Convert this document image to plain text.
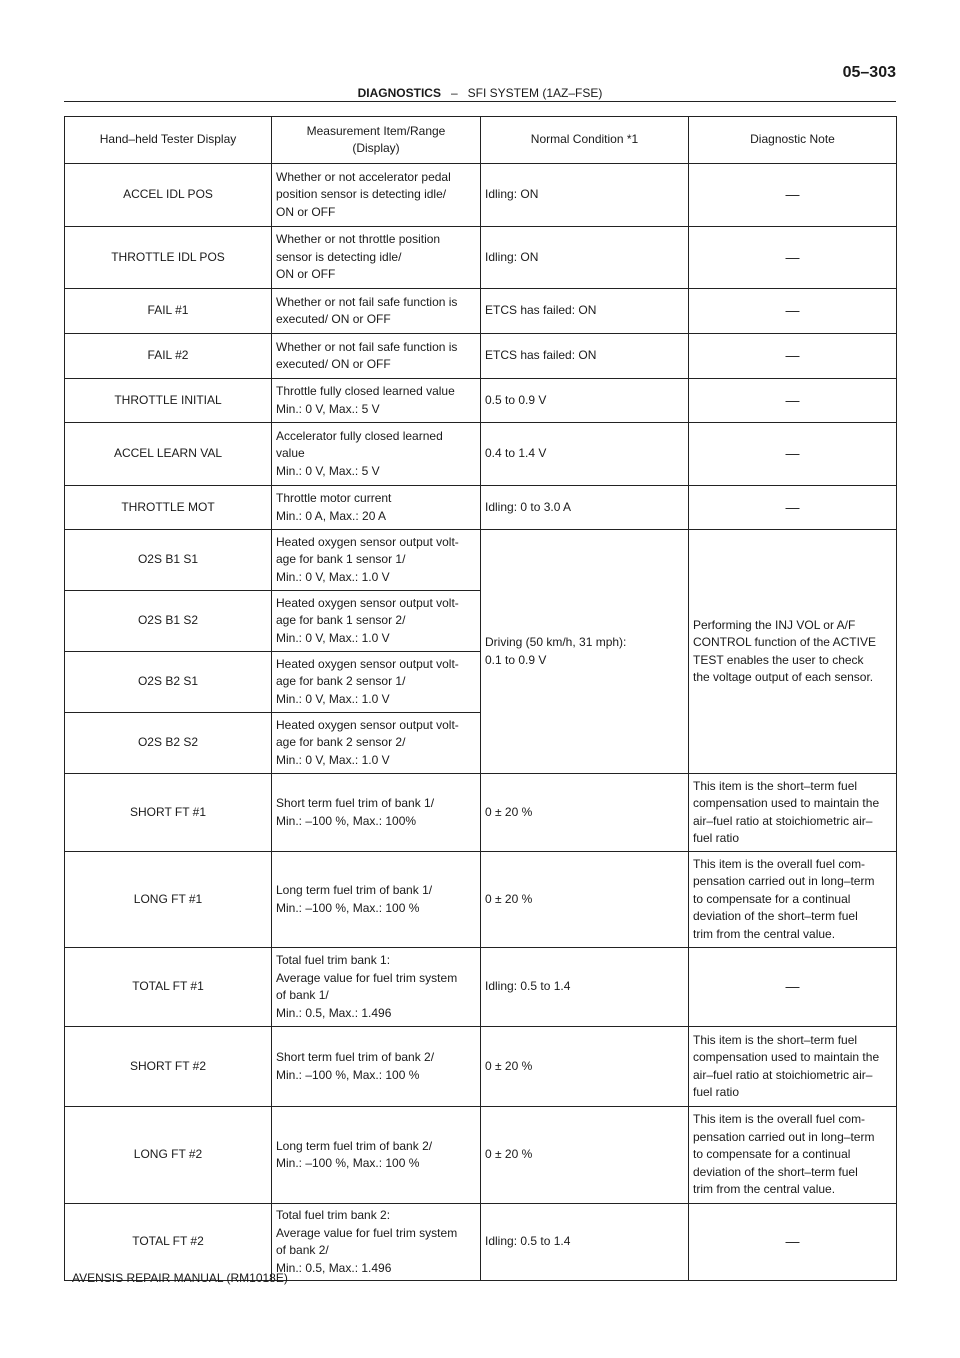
05–303
DIAGNOSTICS – SFI SYSTEM (1AZ–FSE)
Hand–held Tester Display	Measurement Item/Range
(Display)	Normal Condition *1	Diagnostic Note
ACCEL IDL POS	Whether or not accelerator pedal
position sensor is detecting idle/
ON or OFF	Idling: ON	—
THROTTLE IDL POS	Whether or not throttle position
sensor is detecting idle/
ON or OFF	Idling: ON	—
FAIL #1	Whether or not fail safe function is
executed/ ON or OFF	ETCS has failed: ON	—
FAIL #2	Whether or not fail safe function is
executed/ ON or OFF	ETCS has failed: ON	—
THROTTLE INITIAL	Throttle fully closed learned value
Min.: 0 V, Max.: 5 V	0.5 to 0.9 V	—
ACCEL LEARN VAL	Accelerator fully closed learned
value
Min.: 0 V, Max.: 5 V	0.4 to 1.4 V	—
THROTTLE MOT	Throttle motor current
Min.: 0 A, Max.: 20 A	Idling: 0 to 3.0 A	—
O2S B1 S1	Heated oxygen sensor output volt-
age for bank 1 sensor 1/
Min.: 0 V, Max.: 1.0 V	Driving (50 km/h, 31 mph):
0.1 to 0.9 V	Performing the INJ VOL or A/F
CONTROL function of the ACTIVE
TEST enables the user to check
the voltage output of each sensor.
O2S B1 S2	Heated oxygen sensor output volt-
age for bank 1 sensor 2/
Min.: 0 V, Max.: 1.0 V		
O2S B2 S1	Heated oxygen sensor output volt-
age for bank 2 sensor 1/
Min.: 0 V, Max.: 1.0 V		
O2S B2 S2	Heated oxygen sensor output volt-
age for bank 2 sensor 2/
Min.: 0 V, Max.: 1.0 V		
SHORT FT #1	Short term fuel trim of bank 1/
Min.: –100 %, Max.: 100%	0 ± 20 %	This item is the short–term fuel
compensation used to maintain the
air–fuel ratio at stoichiometric air–
fuel ratio
LONG FT #1	Long term fuel trim of bank 1/
Min.: –100 %, Max.: 100 %	0 ± 20 %	This item is the overall fuel com-
pensation carried out in long–term
to compensate for a continual
deviation of the short–term fuel
trim from the central value.
TOTAL FT #1	Total fuel trim bank 1:
Average value for fuel trim system
of bank 1/
Min.: 0.5, Max.: 1.496	Idling: 0.5 to 1.4	—
SHORT FT #2	Short term fuel trim of bank 2/
Min.: –100 %, Max.: 100 %	0 ± 20 %	This item is the short–term fuel
compensation used to maintain the
air–fuel ratio at stoichiometric air–
fuel ratio
LONG FT #2	Long term fuel trim of bank 2/
Min.: –100 %, Max.: 100 %	0 ± 20 %	This item is the overall fuel com-
pensation carried out in long–term
to compensate for a continual
deviation of the short–term fuel
trim from the central value.
TOTAL FT #2	Total fuel trim bank 2:
Average value for fuel trim system
of bank 2/
Min.: 0.5, Max.: 1.496	Idling: 0.5 to 1.4	—
AVENSIS REPAIR MANUAL (RM1018E)
